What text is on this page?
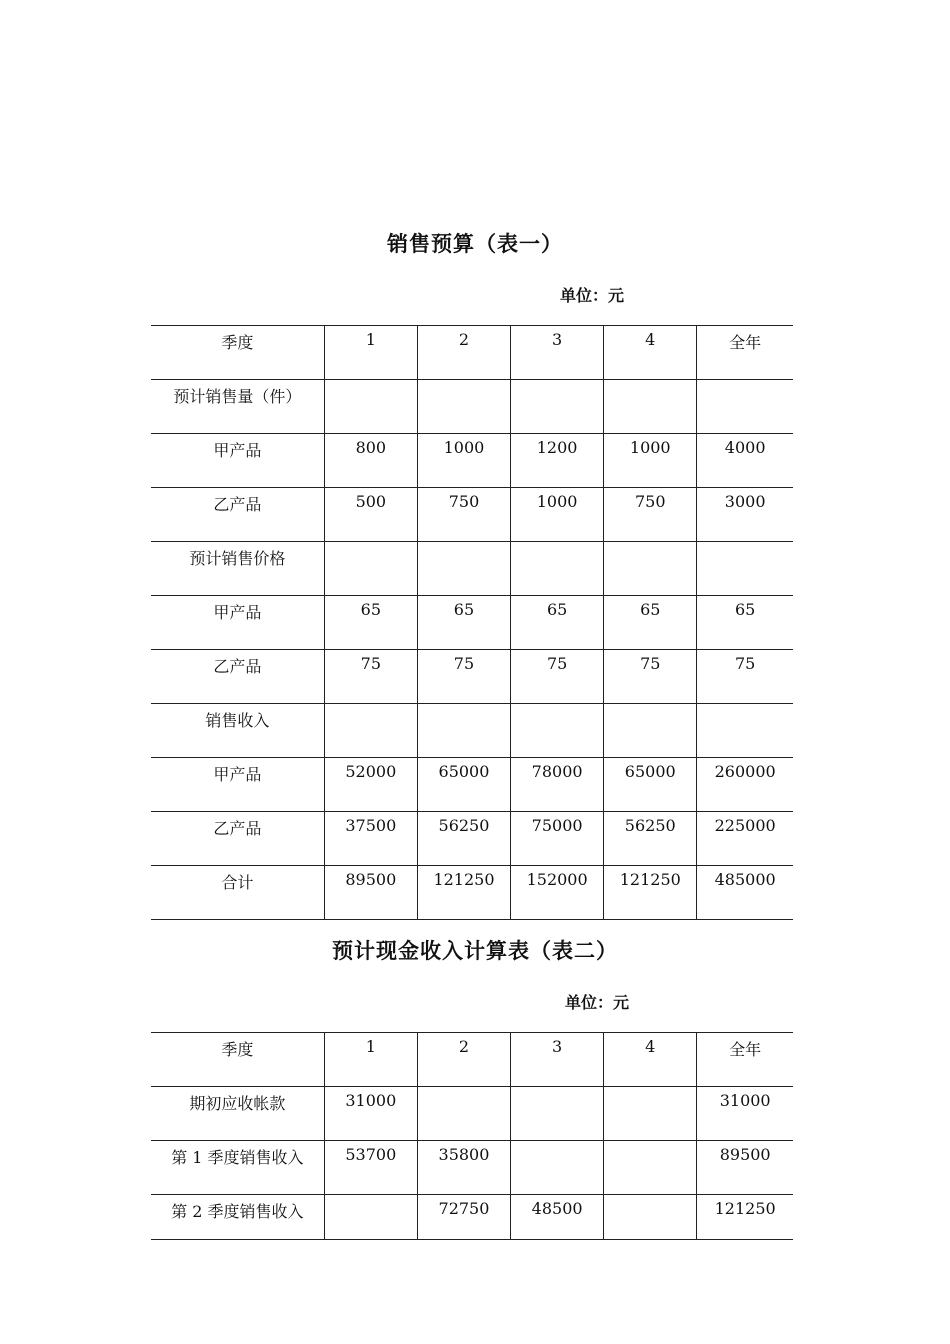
销售预算（表一）
单位：元
季度	1	2	3	4	全年
预计销售量（件）					
甲产品	800	1000	1200	1000	4000
乙产品	500	750	1000	750	3000
预计销售价格					
甲产品	65	65	65	65	65
乙产品	75	75	75	75	75
销售收入					
甲产品	52000	65000	78000	65000	260000
乙产品	37500	56250	75000	56250	225000
合计	89500	121250	152000	121250	485000
预计现金收入计算表（表二）
单位：元
季度	1	2	3	4	全年
期初应收帐款	31000				31000
第 1 季度销售收入	53700	35800			89500
第 2 季度销售收入		72750	48500		121250
